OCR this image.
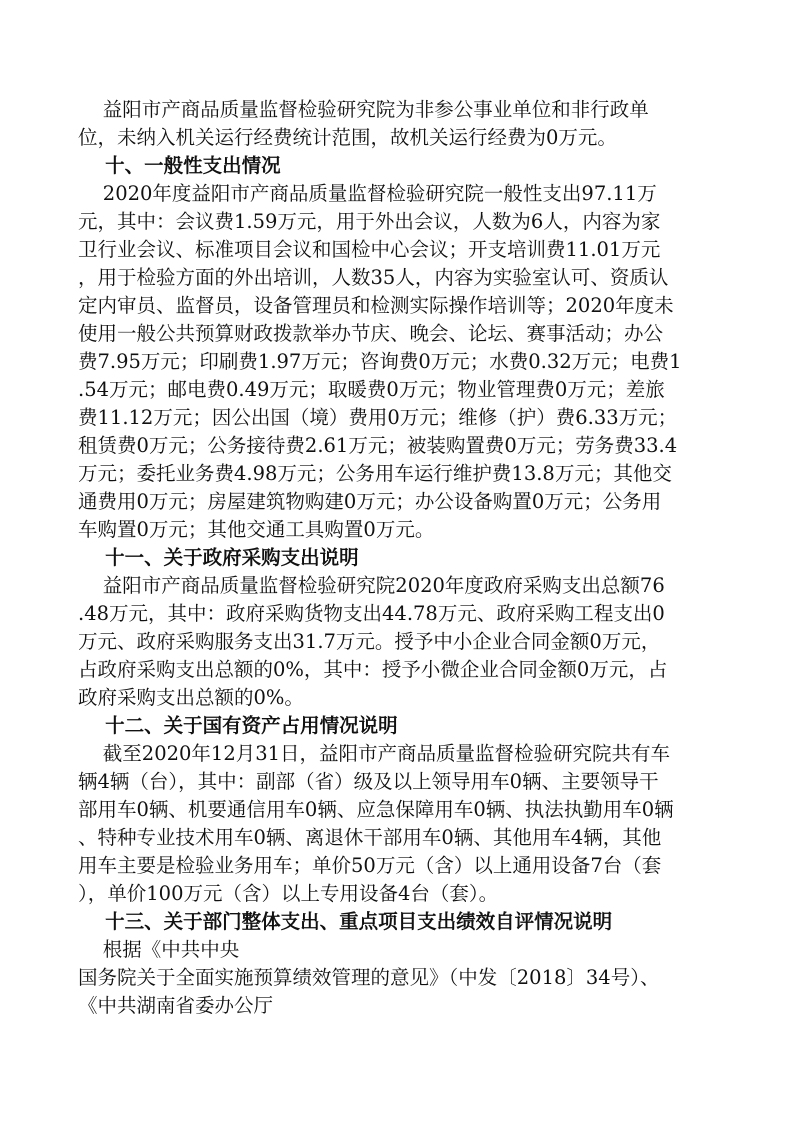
益阳市产商品质量监督检验研究院为非参公事业单位和非行政单
位，未纳入机关运行经费统计范围，故机关运行经费为0万元。
十、一般性支出情况
2020年度益阳市产商品质量监督检验研究院一般性支出97.11万
元，其中：会议费1.59万元，用于外出会议，人数为6人，内容为家
卫行业会议、标准项目会议和国检中心会议；开支培训费11.01万元
，用于检验方面的外出培训，人数35人，内容为实验室认可、资质认
定内审员、监督员，设备管理员和检测实际操作培训等；2020年度未
使用一般公共预算财政拨款举办节庆、晚会、论坛、赛事活动；办公
费7.95万元；印刷费1.97万元；咨询费0万元；水费0.32万元；电费1
.54万元；邮电费0.49万元；取暖费0万元；物业管理费0万元；差旅
费11.12万元；因公出国（境）费用0万元；维修（护）费6.33万元；
租赁费0万元；公务接待费2.61万元；被装购置费0万元；劳务费33.4
万元；委托业务费4.98万元；公务用车运行维护费13.8万元；其他交
通费用0万元；房屋建筑物购建0万元；办公设备购置0万元；公务用
车购置0万元；其他交通工具购置0万元。
十一、关于政府采购支出说明
益阳市产商品质量监督检验研究院2020年度政府采购支出总额76
.48万元，其中：政府采购货物支出44.78万元、政府采购工程支出0
万元、政府采购服务支出31.7万元。授予中小企业合同金额0万元，
占政府采购支出总额的0%，其中：授予小微企业合同金额0万元，占
政府采购支出总额的0%。
十二、关于国有资产占用情况说明
截至2020年12月31日，益阳市产商品质量监督检验研究院共有车
辆4辆（台），其中：副部（省）级及以上领导用车0辆、主要领导干
部用车0辆、机要通信用车0辆、应急保障用车0辆、执法执勤用车0辆
、特种专业技术用车0辆、离退休干部用车0辆、其他用车4辆，其他
用车主要是检验业务用车；单价50万元（含）以上通用设备7台（套
），单价100万元（含）以上专用设备4台（套）。
十三、关于部门整体支出、重点项目支出绩效自评情况说明
根据《中共中央
国务院关于全面实施预算绩效管理的意见》（中发〔2018〕34号）、
《中共湖南省委办公厅
